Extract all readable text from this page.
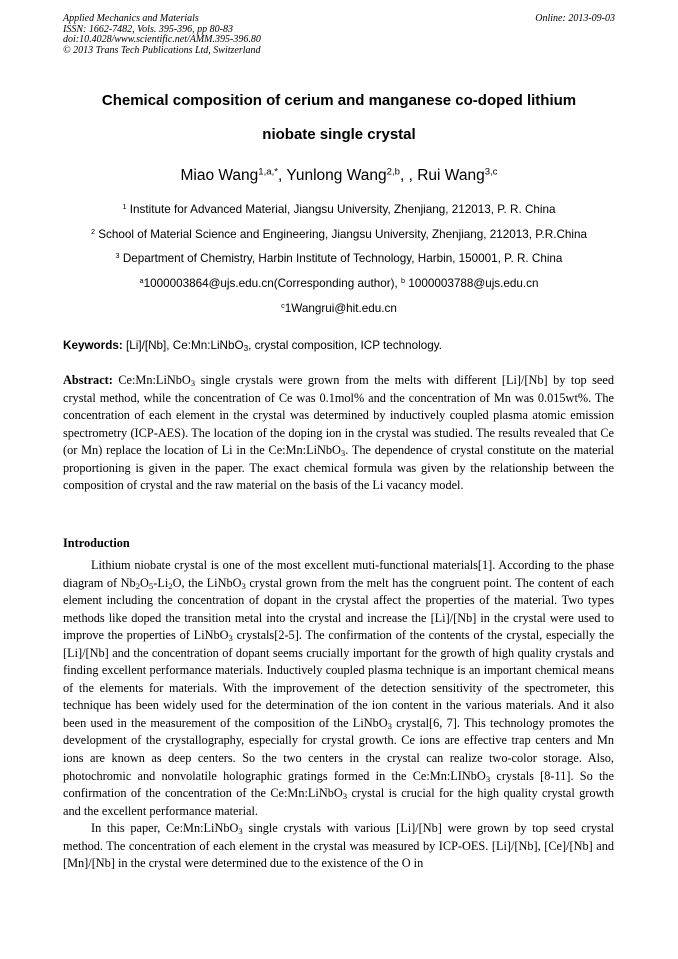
Applied Mechanics and Materials
ISSN: 1662-7482, Vols. 395-396, pp 80-83
doi:10.4028/www.scientific.net/AMM.395-396.80
© 2013 Trans Tech Publications Ltd, Switzerland
Online: 2013-09-03
Chemical composition of cerium and manganese co-doped lithium
niobate single crystal
Miao Wang$^{1,a,*}$, Yunlong Wang$^{2,b}$, , Rui Wang$^{3,c}$
$^1$ Institute for Advanced Material, Jiangsu University, Zhenjiang, 212013, P. R. China
$^2$ School of Material Science and Engineering, Jiangsu University, Zhenjiang, 212013, P.R.China
$^3$ Department of Chemistry, Harbin Institute of Technology, Harbin, 150001, P. R. China
$^a$1000003864@ujs.edu.cn(Corresponding author), $^b$ 1000003788@ujs.edu.cn
$^c$1Wangrui@hit.edu.cn
Keywords: [Li]/[Nb], Ce:Mn:LiNbO$_3$, crystal composition, ICP technology.

Abstract: Ce:Mn:LiNbO$_3$ single crystals were grown from the melts with different [Li]/[Nb] by top seed crystal method, while the concentration of Ce was 0.1mol% and the concentration of Mn was 0.015wt%. The concentration of each element in the crystal was determined by inductively coupled plasma atomic emission spectrometry (ICP-AES). The location of the doping ion in the crystal was studied. The results revealed that Ce (or Mn) replace the location of Li in the Ce:Mn:LiNbO$_3$. The dependence of crystal constitute on the material proportioning is given in the paper. The exact chemical formula was given by the relationship between the composition of crystal and the raw material on the basis of the Li vacancy model.

Introduction

Lithium niobate crystal is one of the most excellent muti-functional materials[1]. According to the phase diagram of $Nb_2O_5-Li_2O$, the LiNbO$_3$ crystal grown from the melt has the congruent point. The content of each element including the concentration of dopant in the crystal affect the properties of the material. Two types methods like doped the transition metal into the crystal and increase the [Li]/[Nb] in the crystal were used to improve the properties of LiNbO$_3$ crystals[2-5]. The confirmation of the contents of the crystal, especially the [Li]/[Nb] and the concentration of dopant seems crucially important for the growth of high quality crystals and finding excellent performance materials. Inductively coupled plasma technique is an important chemical means of the elements for materials. With the improvement of the detection sensitivity of the spectrometer, this technique has been widely used for the determination of the ion content in the various materials. And it also been used in the measurement of the composition of the LiNbO$_3$ crystal[6, 7]. This technology promotes the development of the crystallography, especially for crystal growth. Ce ions are effective trap centers and Mn ions are known as deep centers. So the two centers in the crystal can realize two-color storage. Also, photochromic and nonvolatile holographic gratings formed in the Ce:Mn:LINbO$_3$ crystals [8-11]. So the confirmation of the concentration of the Ce:Mn:LiNbO$_3$ crystal is crucial for the high quality crystal growth and the excellent performance material.

In this paper, Ce:Mn:LiNbO$_3$ single crystals with various [Li]/[Nb] were grown by top seed crystal method. The concentration of each element in the crystal was measured by ICP-OES. [Li]/[Nb], [Ce]/[Nb] and [Mn]/[Nb] in the crystal were determined due to the existence of the O in
